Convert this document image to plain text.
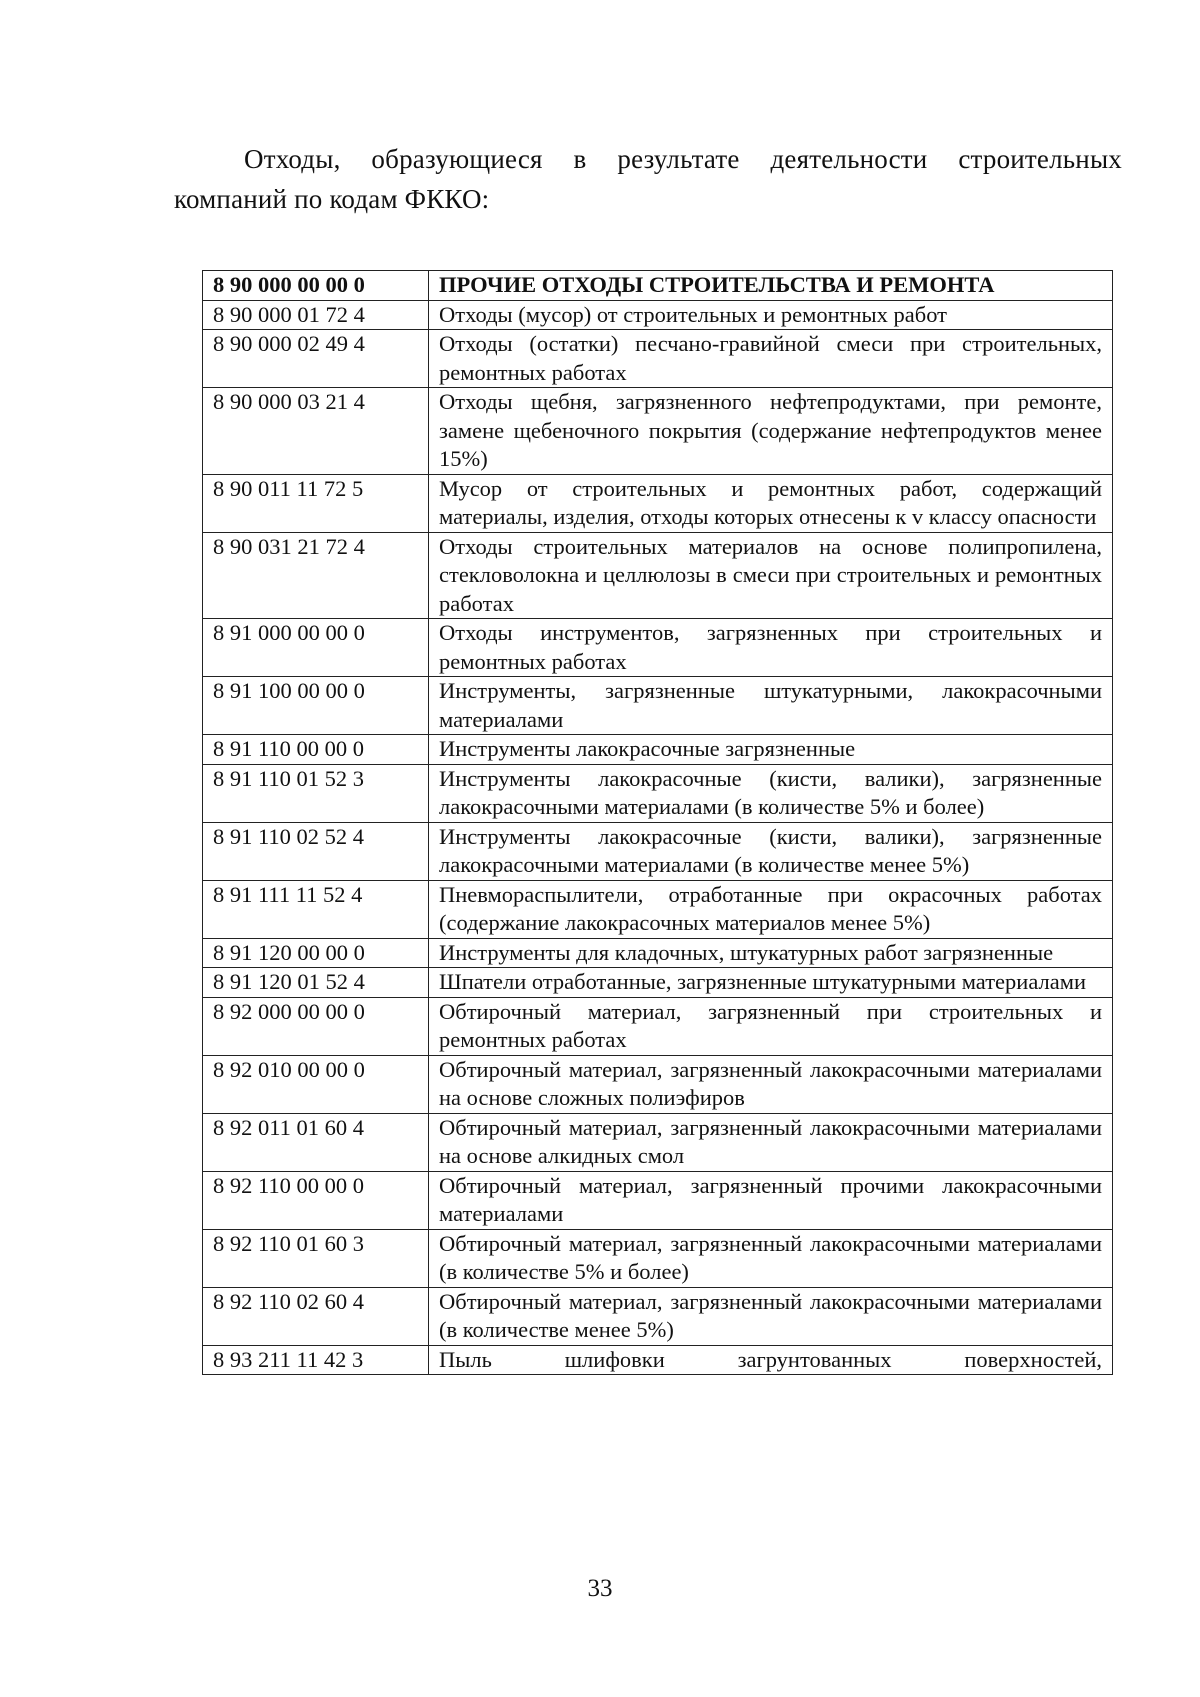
Отходы, образующиеся в результате деятельности строительных компаний по кодам ФККО:

8 90 000 00 00 0	ПРОЧИЕ ОТХОДЫ СТРОИТЕЛЬСТВА И РЕМОНТА
8 90 000 01 72 4	Отходы (мусор) от строительных и ремонтных работ
8 90 000 02 49 4	Отходы (остатки) песчано-гравийной смеси при строительных, ремонтных работах
8 90 000 03 21 4	Отходы щебня, загрязненного нефтепродуктами, при ремонте, замене щебеночного покрытия (содержание нефтепродуктов менее 15%)
8 90 011 11 72 5	Мусор от строительных и ремонтных работ, содержащий материалы, изделия, отходы которых отнесены к v классу опасности
8 90 031 21 72 4	Отходы строительных материалов на основе полипропилена, стекловолокна и целлюлозы в смеси при строительных и ремонтных работах
8 91 000 00 00 0	Отходы инструментов, загрязненных при строительных и ремонтных работах
8 91 100 00 00 0	Инструменты, загрязненные штукатурными, лакокрасочными материалами
8 91 110 00 00 0	Инструменты лакокрасочные загрязненные
8 91 110 01 52 3	Инструменты лакокрасочные (кисти, валики), загрязненные лакокрасочными материалами (в количестве 5% и более)
8 91 110 02 52 4	Инструменты лакокрасочные (кисти, валики), загрязненные лакокрасочными материалами (в количестве менее 5%)
8 91 111 11 52 4	Пневмораспылители, отработанные при окрасочных работах (содержание лакокрасочных материалов менее 5%)
8 91 120 00 00 0	Инструменты для кладочных, штукатурных работ загрязненные
8 91 120 01 52 4	Шпатели отработанные, загрязненные штукатурными материалами
8 92 000 00 00 0	Обтирочный материал, загрязненный при строительных и ремонтных работах
8 92 010 00 00 0	Обтирочный материал, загрязненный лакокрасочными материалами на основе сложных полиэфиров
8 92 011 01 60 4	Обтирочный материал, загрязненный лакокрасочными материалами на основе алкидных смол
8 92 110 00 00 0	Обтирочный материал, загрязненный прочими лакокрасочными материалами
8 92 110 01 60 3	Обтирочный материал, загрязненный лакокрасочными материалами (в количестве 5% и более)
8 92 110 02 60 4	Обтирочный материал, загрязненный лакокрасочными материалами (в количестве менее 5%)
8 93 211 11 42 3	Пыль шлифовки загрунтованных поверхностей,
33
